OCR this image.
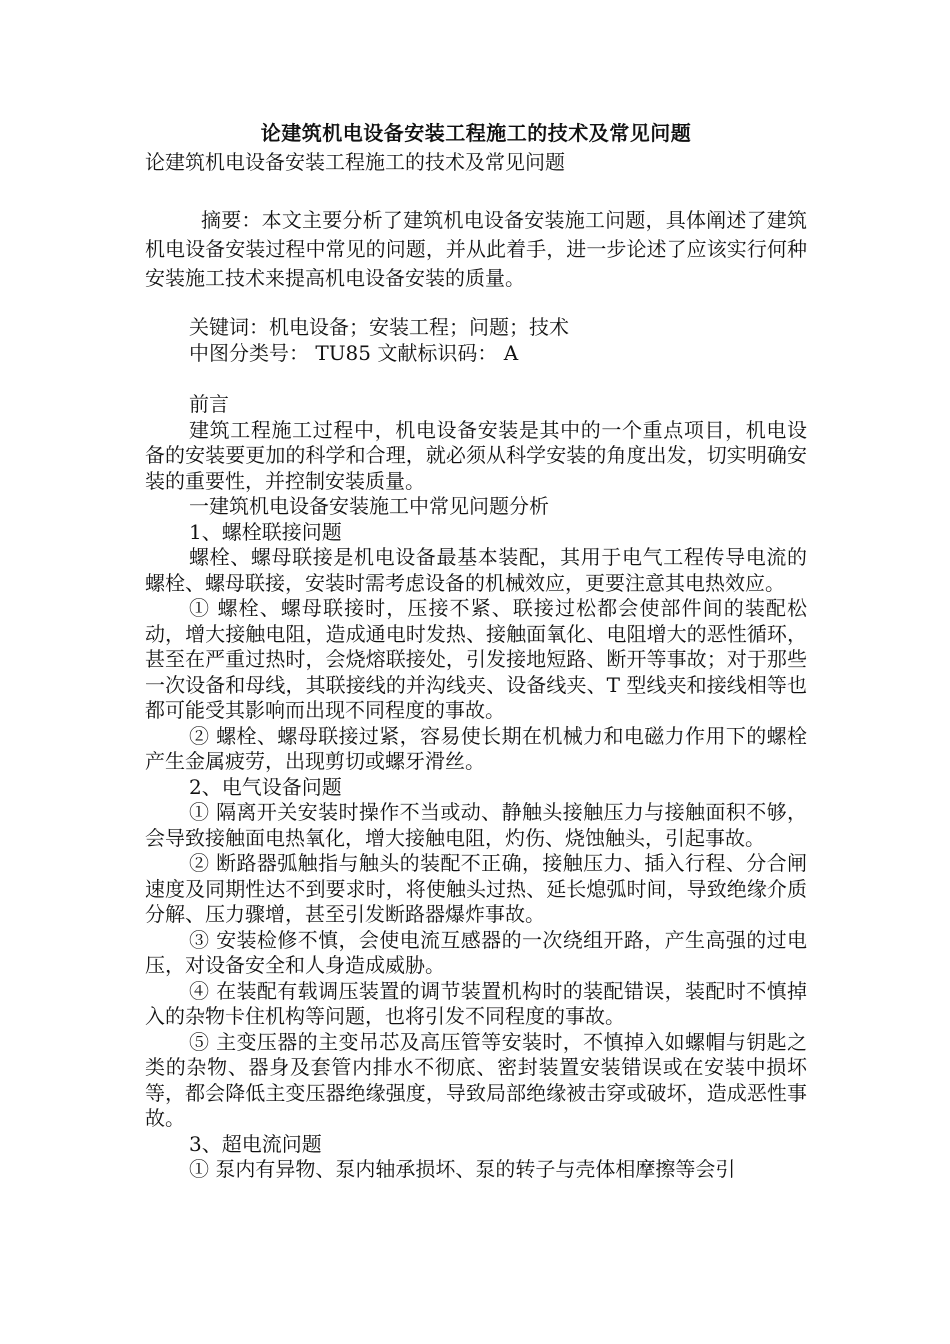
论建筑机电设备安装工程施工的技术及常见问题

论建筑机电设备安装工程施工的技术及常见问题

摘要：本文主要分析了建筑机电设备安装施工问题，具体阐述了建筑机电设备安装过程中常见的问题，并从此着手，进一步论述了应该实行何种安装施工技术来提高机电设备安装的质量。

关键词：机电设备；安装工程；问题；技术

中图分类号： TU85 文献标识码： A

前言

建筑工程施工过程中，机电设备安装是其中的一个重点项目，机电设备的安装要更加的科学和合理，就必须从科学安装的角度出发，切实明确安装的重要性，并控制安装质量。

一建筑机电设备安装施工中常见问题分析

1、螺栓联接问题

螺栓、螺母联接是机电设备最基本装配，其用于电气工程传导电流的螺栓、螺母联接，安装时需考虑设备的机械效应，更要注意其电热效应。

① 螺栓、螺母联接时，压接不紧、联接过松都会使部件间的装配松动，增大接触电阻，造成通电时发热、接触面氧化、电阻增大的恶性循环，甚至在严重过热时，会烧熔联接处，引发接地短路、断开等事故；对于那些一次设备和母线，其联接线的并沟线夹、设备线夹、T 型线夹和接线相等也都可能受其影响而出现不同程度的事故。

② 螺栓、螺母联接过紧，容易使长期在机械力和电磁力作用下的螺栓产生金属疲劳，出现剪切或螺牙滑丝。

2、电气设备问题

① 隔离开关安装时操作不当或动、静触头接触压力与接触面积不够，会导致接触面电热氧化，增大接触电阻，灼伤、烧蚀触头，引起事故。

② 断路器弧触指与触头的装配不正确，接触压力、插入行程、分合闸速度及同期性达不到要求时，将使触头过热、延长熄弧时间，导致绝缘介质分解、压力骤增，甚至引发断路器爆炸事故。

③ 安装检修不慎，会使电流互感器的一次绕组开路，产生高强的过电压，对设备安全和人身造成威胁。

④ 在装配有载调压装置的调节装置机构时的装配错误，装配时不慎掉入的杂物卡住机构等问题，也将引发不同程度的事故。

⑤ 主变压器的主变吊芯及高压管等安装时，不慎掉入如螺帽与钥匙之类的杂物、器身及套管内排水不彻底、密封装置安装错误或在安装中损坏等，都会降低主变压器绝缘强度，导致局部绝缘被击穿或破坏，造成恶性事故。

3、超电流问题

① 泵内有异物、泵内轴承损坏、泵的转子与壳体相摩擦等会引
